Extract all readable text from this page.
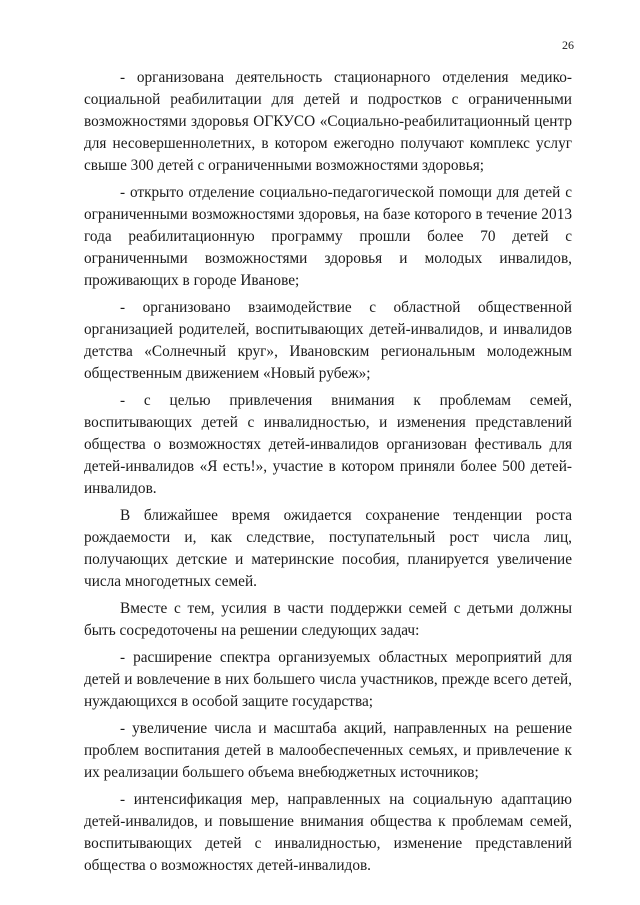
26

- организована деятельность стационарного отделения медико-социальной реабилитации для детей и подростков с ограниченными возможностями здоровья ОГКУСО «Социально-реабилитационный центр для несовершеннолетних, в котором ежегодно получают комплекс услуг свыше 300 детей с ограниченными возможностями здоровья;

- открыто отделение социально-педагогической помощи для детей с ограниченными возможностями здоровья, на базе которого в течение 2013 года реабилитационную программу прошли более 70 детей с ограниченными возможностями здоровья и молодых инвалидов, проживающих в городе Иванове;

- организовано взаимодействие с областной общественной организацией родителей, воспитывающих детей-инвалидов, и инвалидов детства «Солнечный круг», Ивановским региональным молодежным общественным движением «Новый рубеж»;

- с целью привлечения внимания к проблемам семей, воспитывающих детей с инвалидностью, и изменения представлений общества о возможностях детей-инвалидов организован фестиваль для детей-инвалидов «Я есть!», участие в котором приняли более 500 детей-инвалидов.

В ближайшее время ожидается сохранение тенденции роста рождаемости и, как следствие, поступательный рост числа лиц, получающих детские и материнские пособия, планируется увеличение числа многодетных семей.

Вместе с тем, усилия в части поддержки семей с детьми должны быть сосредоточены на решении следующих задач:

- расширение спектра организуемых областных мероприятий для детей и вовлечение в них большего числа участников, прежде всего детей, нуждающихся в особой защите государства;

- увеличение числа и масштаба акций, направленных на решение проблем воспитания детей в малообеспеченных семьях, и привлечение к их реализации большего объема внебюджетных источников;

- интенсификация мер, направленных на социальную адаптацию детей-инвалидов, и повышение внимания общества к проблемам семей, воспитывающих детей с инвалидностью, изменение представлений общества о возможностях детей-инвалидов.
